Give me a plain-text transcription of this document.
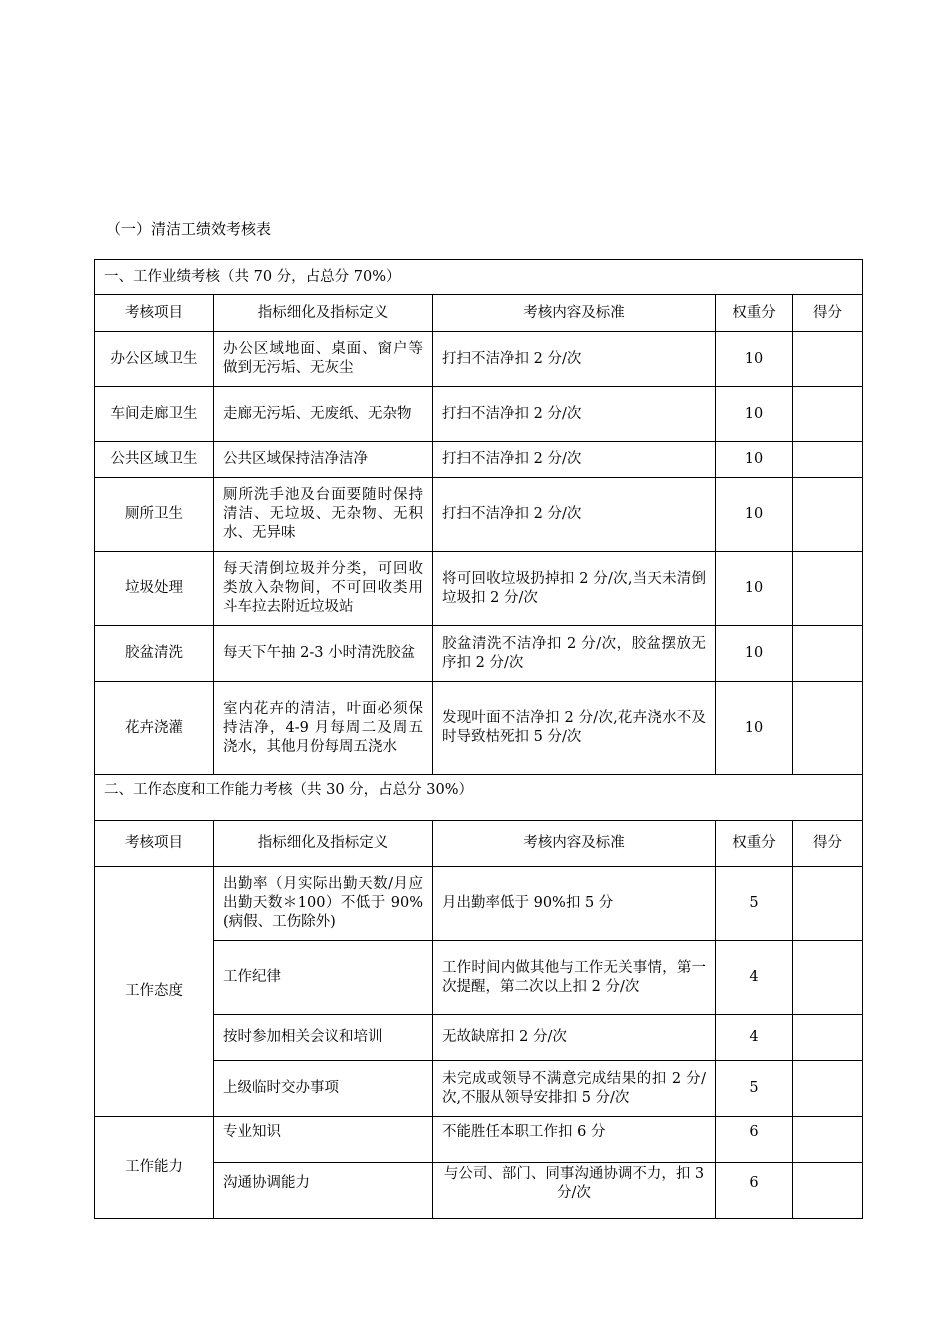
（一）清洁工绩效考核表
一、工作业绩考核（共 70 分，占总分 70%）				
考核项目	指标细化及指标定义	考核内容及标准	权重分	得分
办公区域卫生	办公区域地面、桌面、窗户等做到无污垢、无灰尘	打扫不洁净扣 2 分/次	10	
车间走廊卫生	走廊无污垢、无废纸、无杂物	打扫不洁净扣 2 分/次	10	
公共区域卫生	公共区域保持洁净洁净	打扫不洁净扣 2 分/次	10	
厕所卫生	厕所洗手池及台面要随时保持清洁、无垃圾、无杂物、无积水、无异味	打扫不洁净扣 2 分/次	10	
垃圾处理	每天清倒垃圾并分类，可回收类放入杂物间，不可回收类用斗车拉去附近垃圾站	将可回收垃圾扔掉扣 2 分/次,当天未清倒垃圾扣 2 分/次	10	
胶盆清洗	每天下午抽 2-3 小时清洗胶盆	胶盆清洗不洁净扣 2 分/次，胶盆摆放无序扣 2 分/次	10	
花卉浇灌	室内花卉的清洁，叶面必须保持洁净，4-9 月每周二及周五浇水，其他月份每周五浇水	发现叶面不洁净扣 2 分/次,花卉浇水不及时导致枯死扣 5 分/次	10	
二、工作态度和工作能力考核（共 30 分，占总分 30%）				
考核项目	指标细化及指标定义	考核内容及标准	权重分	得分
工作态度	出勤率（月实际出勤天数/月应出勤天数＊100）不低于 90%(病假、工伤除外)	月出勤率低于 90%扣 5 分	5	
	工作纪律	工作时间内做其他与工作无关事情，第一次提醒，第二次以上扣 2 分/次	4	
	按时参加相关会议和培训	无故缺席扣 2 分/次	4	
	上级临时交办事项	未完成或领导不满意完成结果的扣 2 分/次,不服从领导安排扣 5 分/次	5	
工作能力	专业知识	不能胜任本职工作扣 6 分	6	
	沟通协调能力	与公司、部门、同事沟通协调不力，扣 3 分/次	6	
